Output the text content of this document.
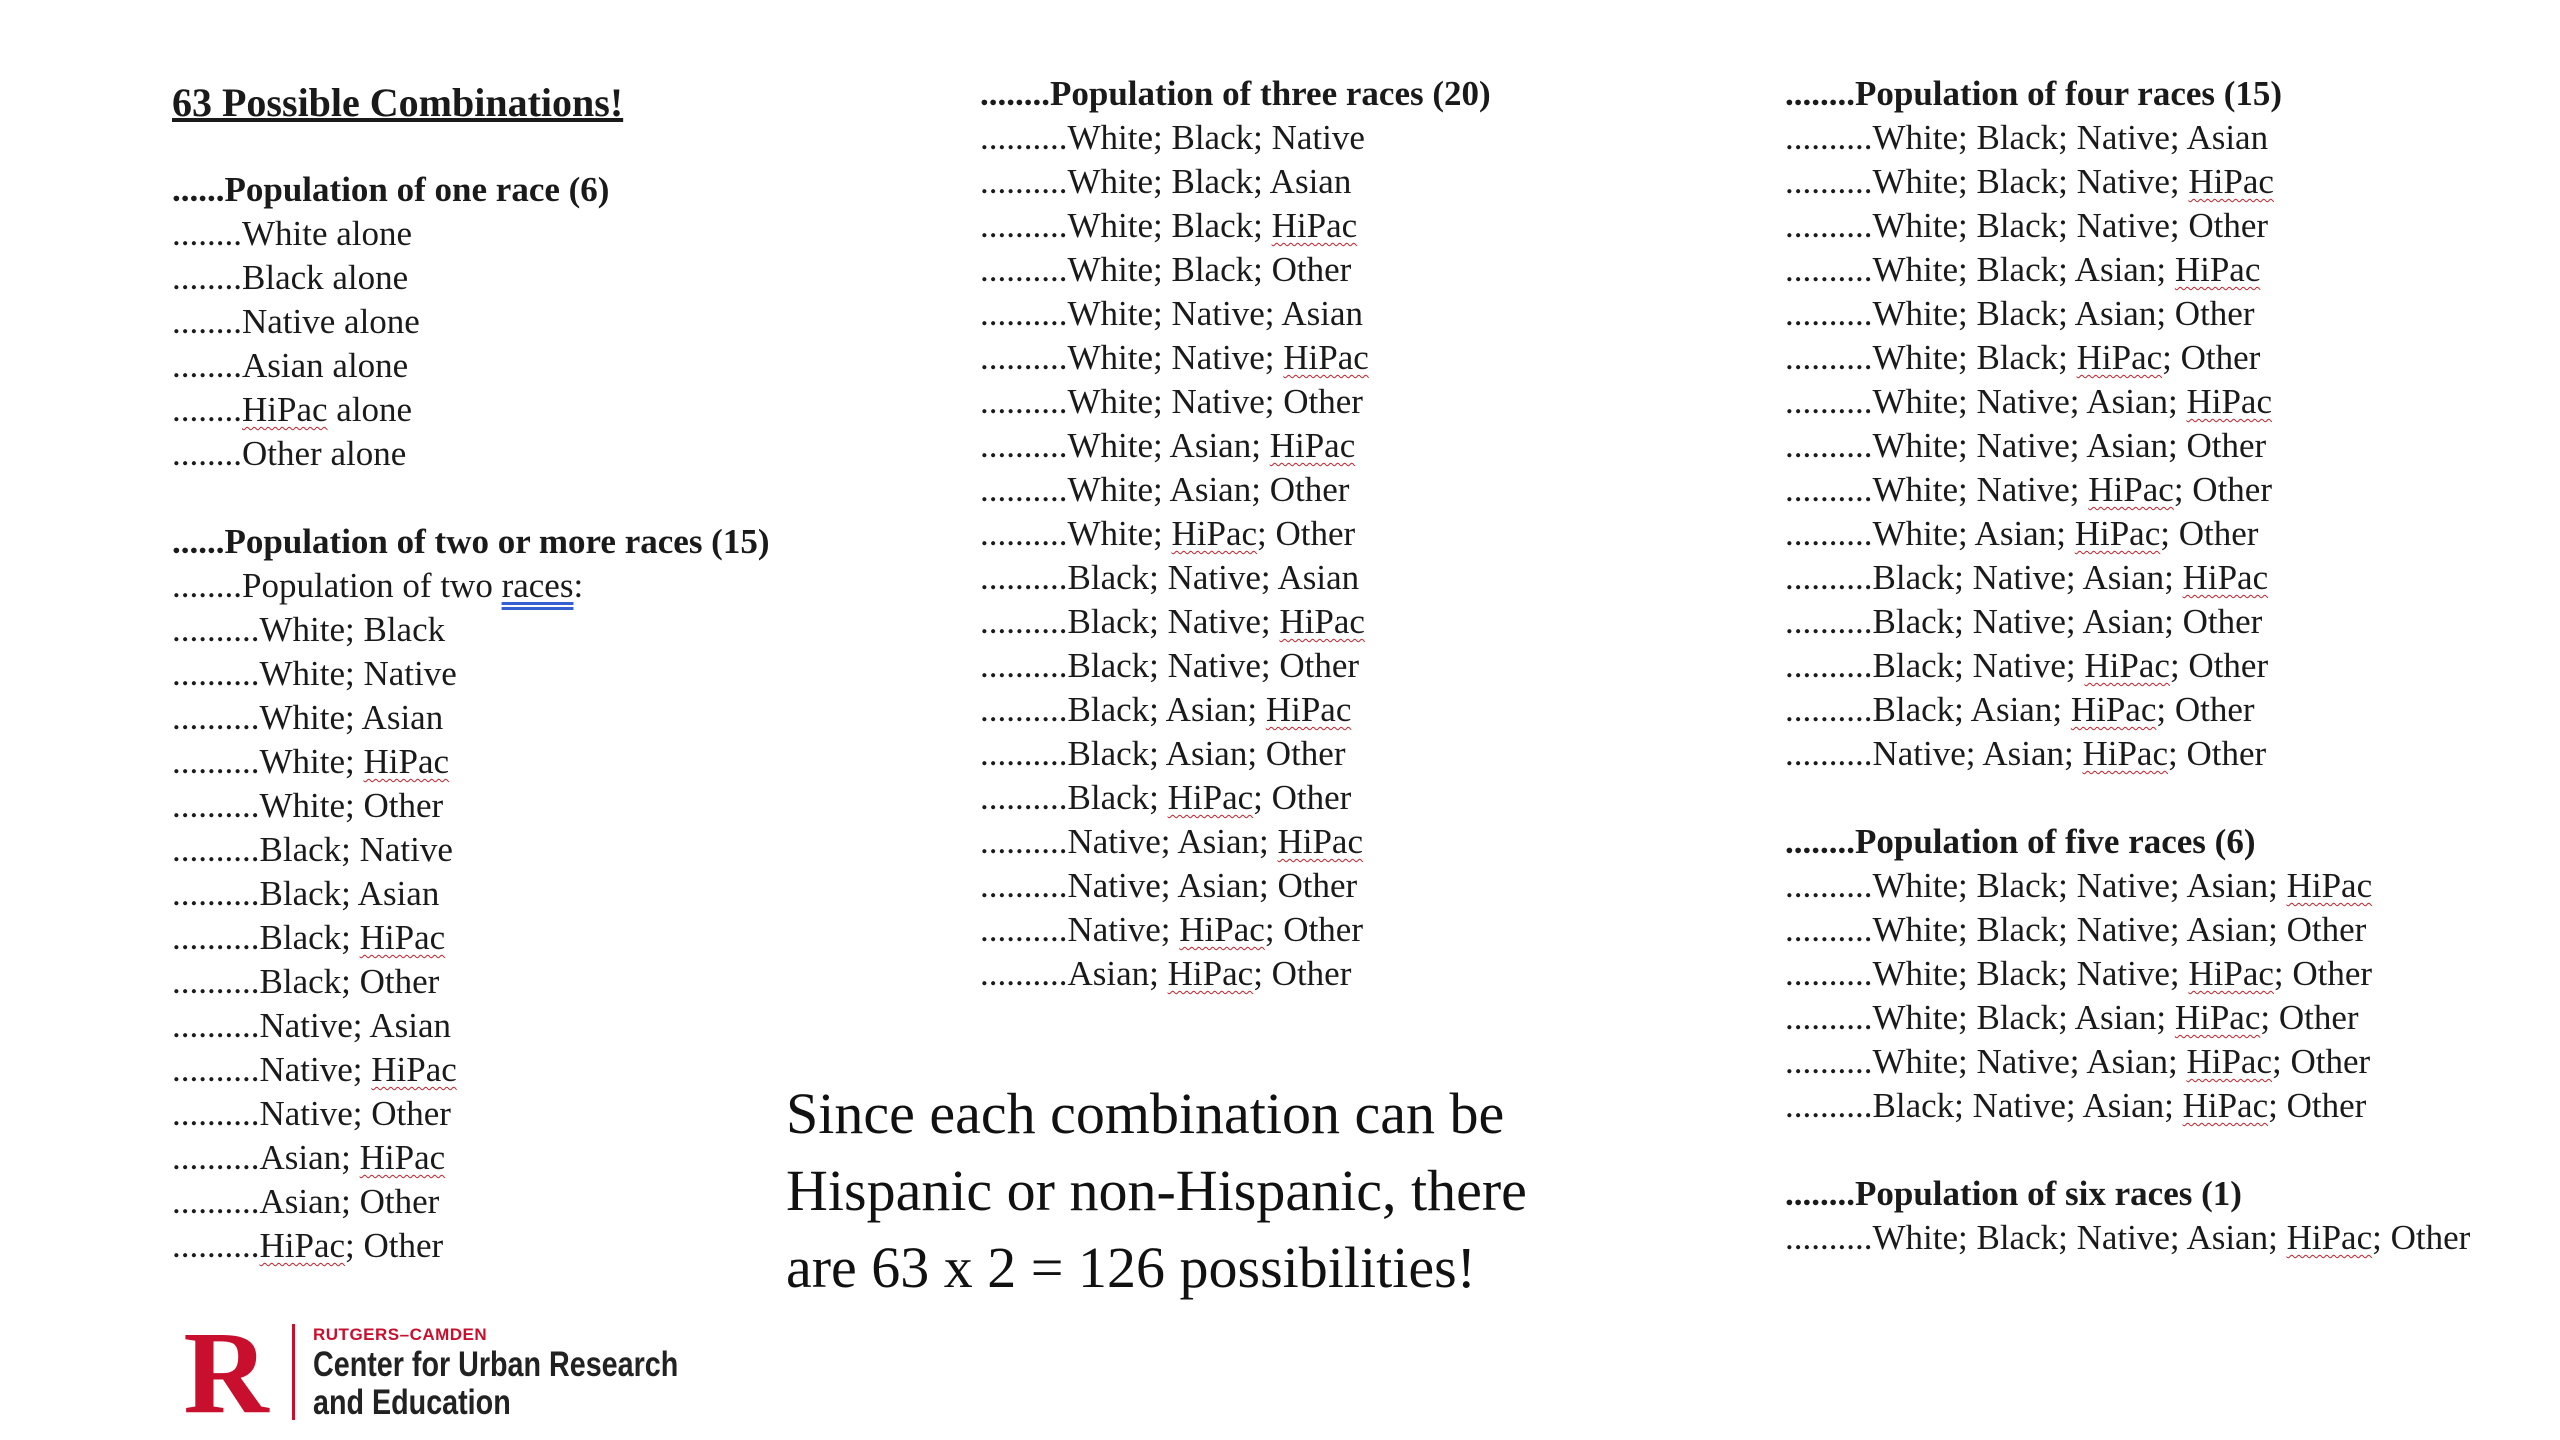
63 Possible Combinations!
......Population of one race (6)
........White alone
........Black alone
........Native alone
........Asian alone
........HiPac alone
........Other alone
......Population of two or more races (15)
........Population of two races:
..........White; Black
..........White; Native
..........White; Asian
..........White; HiPac
..........White; Other
..........Black; Native
..........Black; Asian
..........Black; HiPac
..........Black; Other
..........Native; Asian
..........Native; HiPac
..........Native; Other
..........Asian; HiPac
..........Asian; Other
..........HiPac; Other
........Population of three races (20)
..........White; Black; Native
..........White; Black; Asian
..........White; Black; HiPac
..........White; Black; Other
..........White; Native; Asian
..........White; Native; HiPac
..........White; Native; Other
..........White; Asian; HiPac
..........White; Asian; Other
..........White; HiPac; Other
..........Black; Native; Asian
..........Black; Native; HiPac
..........Black; Native; Other
..........Black; Asian; HiPac
..........Black; Asian; Other
..........Black; HiPac; Other
..........Native; Asian; HiPac
..........Native; Asian; Other
..........Native; HiPac; Other
..........Asian; HiPac; Other
........Population of four races (15)
..........White; Black; Native; Asian
..........White; Black; Native; HiPac
..........White; Black; Native; Other
..........White; Black; Asian; HiPac
..........White; Black; Asian; Other
..........White; Black; HiPac; Other
..........White; Native; Asian; HiPac
..........White; Native; Asian; Other
..........White; Native; HiPac; Other
..........White; Asian; HiPac; Other
..........Black; Native; Asian; HiPac
..........Black; Native; Asian; Other
..........Black; Native; HiPac; Other
..........Black; Asian; HiPac; Other
..........Native; Asian; HiPac; Other
........Population of five races (6)
..........White; Black; Native; Asian; HiPac
..........White; Black; Native; Asian; Other
..........White; Black; Native; HiPac; Other
..........White; Black; Asian; HiPac; Other
..........White; Native; Asian; HiPac; Other
..........Black; Native; Asian; HiPac; Other
........Population of six races (1)
..........White; Black; Native; Asian; HiPac; Other
Since each combination can be
Hispanic or non-Hispanic, there
are 63 x 2 = 126 possibilities!
R	RUTGERS–CAMDEN
Center for Urban Research
and Education
